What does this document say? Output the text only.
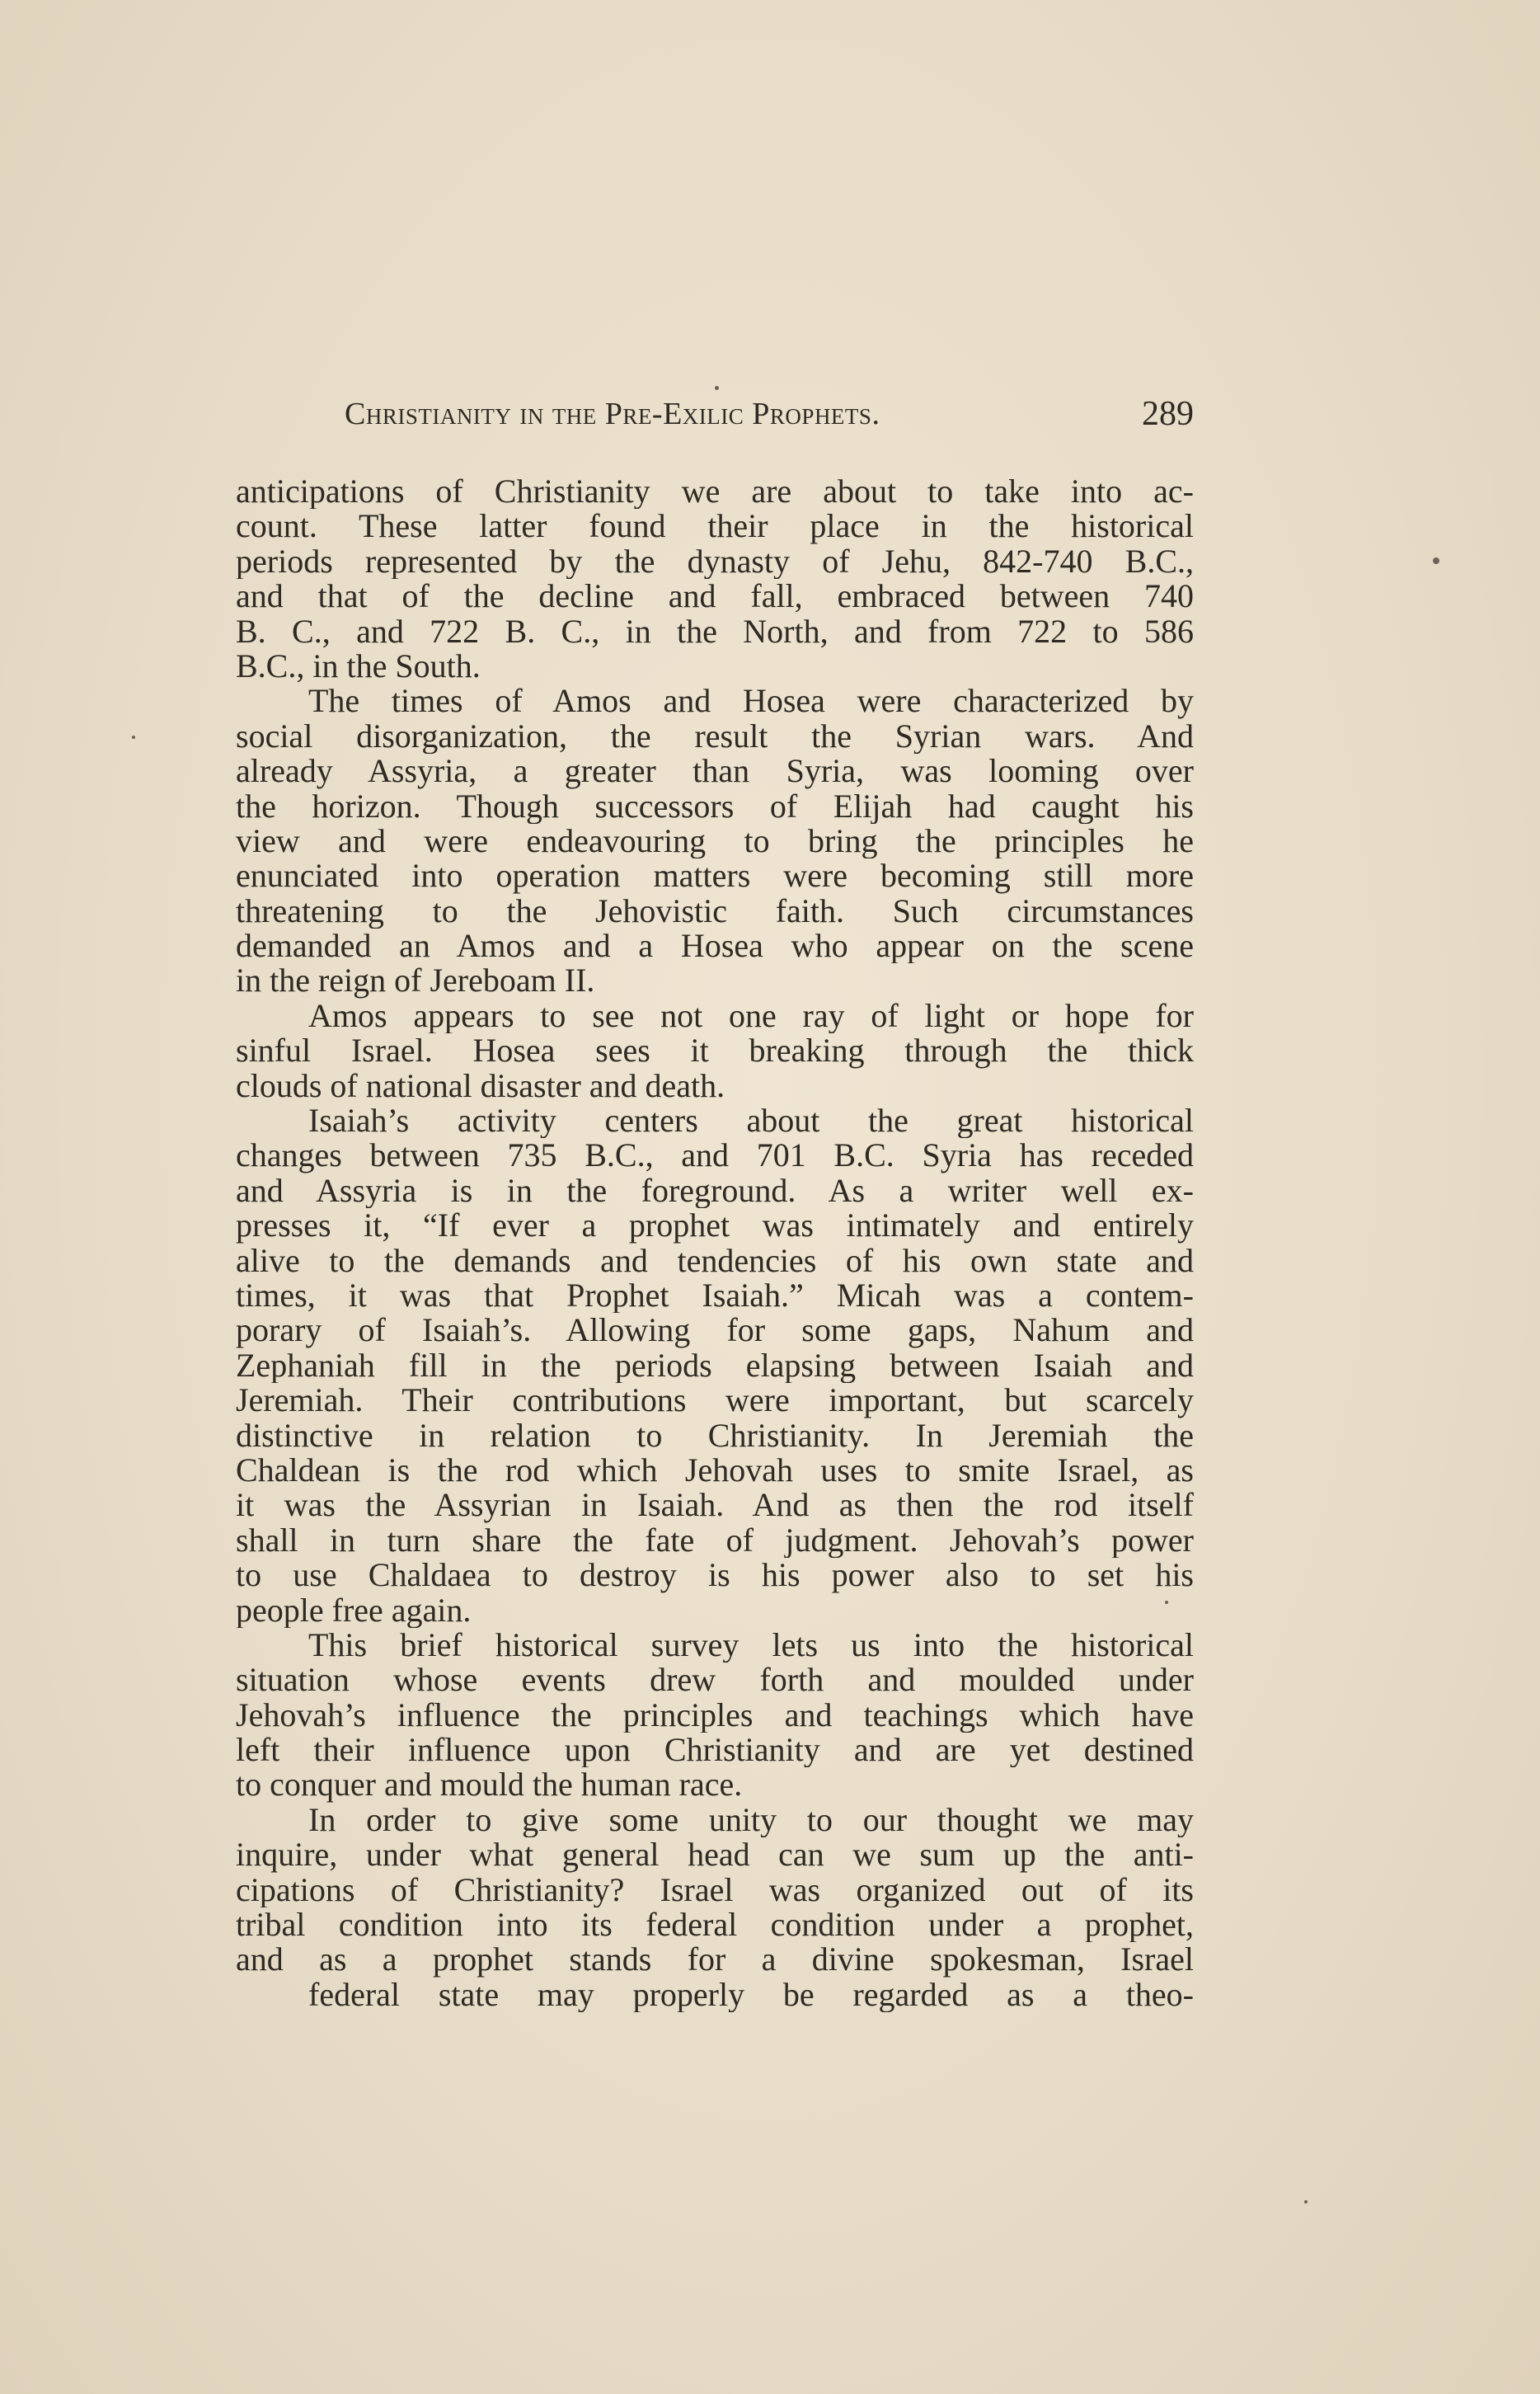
Christianity in the Pre-Exilic Prophets.	289
anticipations of Christianity we are about to take into ac-
count. These latter found their place in the historical
periods represented by the dynasty of Jehu, 842-740 B.C.,
and that of the decline and fall, embraced between 740
B. C., and 722 B. C., in the North, and from 722 to 586
B.C., in the South.
The times of Amos and Hosea were characterized by
social disorganization, the result the Syrian wars. And
already Assyria, a greater than Syria, was looming over
the horizon. Though successors of Elijah had caught his
view and were endeavouring to bring the principles he
enunciated into operation matters were becoming still more
threatening to the Jehovistic faith. Such circumstances
demanded an Amos and a Hosea who appear on the scene
in the reign of Jereboam II.
Amos appears to see not one ray of light or hope for
sinful Israel. Hosea sees it breaking through the thick
clouds of national disaster and death.
Isaiah’s activity centers about the great historical
changes between 735 B.C., and 701 B.C. Syria has receded
and Assyria is in the foreground. As a writer well ex-
presses it, “If ever a prophet was intimately and entirely
alive to the demands and tendencies of his own state and
times, it was that Prophet Isaiah.” Micah was a contem-
porary of Isaiah’s. Allowing for some gaps, Nahum and
Zephaniah fill in the periods elapsing between Isaiah and
Jeremiah. Their contributions were important, but scarcely
distinctive in relation to Christianity. In Jeremiah the
Chaldean is the rod which Jehovah uses to smite Israel, as
it was the Assyrian in Isaiah. And as then the rod itself
shall in turn share the fate of judgment. Jehovah’s power
to use Chaldaea to destroy is his power also to set his
people free again.
This brief historical survey lets us into the historical
situation whose events drew forth and moulded under
Jehovah’s influence the principles and teachings which have
left their influence upon Christianity and are yet destined
to conquer and mould the human race.
In order to give some unity to our thought we may
inquire, under what general head can we sum up the anti-
cipations of Christianity? Israel was organized out of its
tribal condition into its federal condition under a prophet,
and as a prophet stands for a divine spokesman, Israel
federal state may properly be regarded as a theo-
